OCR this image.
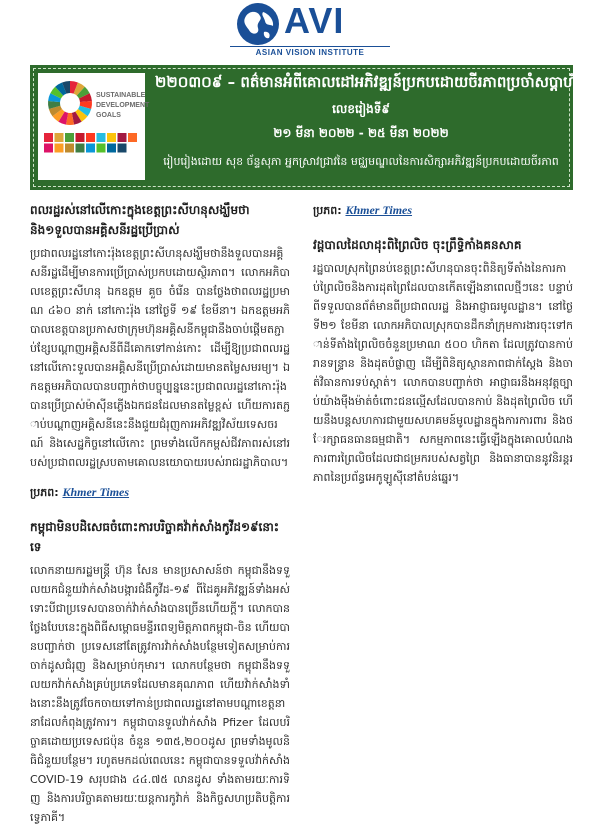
AVI
ASIAN VISION INSTITUTE
SUSTAINABLE
DEVELOPMENT
GOALS
២២០៣០៩ – ពត៌មានអំពីគោលដៅអភិវឌ្ឍន៍ប្រកបដោយចីរភាពប្រចាំសប្តាហ៍
លេខរៀងទី៩
២១ មីនា ២០២២ - ២៥ មីនា ២០២២
រៀបរៀងដោយ សុខ ច័ន្ទសុភា អ្នកស្រាវជ្រាវនៃ មជ្ឈមណ្ឌលនៃការសិក្សាអភិវឌ្ឍន៍ប្រកបដោយចីរភាព

ពលរដ្ឋរស់នៅលើកោះក្នុងខេត្តព្រះសីហនុសង្ឃឹមថា និង១ទួលបានអគ្គិសនីរដ្ឋប្រើប្រាស់

ប្រជាពលរដ្ឋនៅកោះរ៉ុងខេត្តព្រះសីហនុសង្ឃឹមថានឹងទួលបានអគ្គិសនីរដ្ឋដើម្បីមានការប្រើប្រាស់ប្រកបដោយស្ថិរភាព។ លោកអភិបាលខេត្តព្រះសីហនុ ឯកឧត្តម គួច ចំរើន បានថ្លែងថាពលរដ្ឋប្រមាណ ៤៦០ នាក់ នៅកោះរ៉ុង នៅថ្ងៃទី ១៩ ខែមីនា។ ឯកឧត្តមអភិបាលខេត្តបានប្រកាសថាក្រុមហ៊ុនអគ្គិសនីកម្ពុជានឹងចាប់ផ្តើមតភ្ជាប់ខ្សែបណ្តាញអគ្គិសនីពីដីគោកទៅកាន់កោះ ដើម្បីឱ្យប្រជាពលរដ្ឋនៅលើកោះទួលបានអគ្គិសនីប្រើប្រាស់ដោយមានតម្លៃសមរម្យ។ ឯកឧត្តមអភិបាលបានបញ្ជាក់ថាបច្ចុប្បន្ននេះប្រជាពលរដ្ឋនៅកោះរ៉ុងបានប្រើប្រាស់ម៉ាស៊ីនភ្លើងឯកជនដែលមានតម្លៃខ្ពស់ ហើយការតភ្ជាប់បណ្តាញអគ្គិសនីនេះនឹងជួយជំរុញការអភិវឌ្ឍវិស័យទេសចរណ៍ និងសេដ្ឋកិច្ចនៅលើកោះ ព្រមទាំងលើកកម្ពស់ជីវភាពរស់នៅរបស់ប្រជាពលរដ្ឋស្របតាមគោលនយោបាយរបស់រាជរដ្ឋាភិបាល។

ប្រភព: Khmer Times

កម្ពុជាមិនបដិសេធចំពោះការបរិច្ចាគវ៉ាក់សាំងកូវីដ១៩នោះទេ

លោកនាយករដ្ឋមន្ត្រី ហ៊ុន សែន មានប្រសាសន៍ថា កម្ពុជានឹងទទួលយកជំនួយវ៉ាក់សាំងបង្ការជំងឺកូវីដ-១៩ ពីដៃគូអភិវឌ្ឍន៍ទាំងអស់ ទោះបីជាប្រទេសបានចាក់វ៉ាក់សាំងបានច្រើនហើយក្តី។ លោកបានថ្លែងបែបនេះក្នុងពិធីសម្ពោធមន្ទីរពេទ្យមិត្តភាពកម្ពុជា-ចិន ហើយបានបញ្ជាក់ថា ប្រទេសនៅតែត្រូវការវ៉ាក់សាំងបន្ថែមទៀតសម្រាប់ការចាក់ដូសជំរុញ និងសម្រាប់កុមារ។ លោកបន្ថែមថា កម្ពុជានឹងទទួលយកវ៉ាក់សាំងគ្រប់ប្រភេទដែលមានគុណភាព ហើយវ៉ាក់សាំងទាំងនោះនឹងត្រូវចែកចាយទៅកាន់ប្រជាពលរដ្ឋនៅតាមបណ្តាខេត្តនានាដែលកំពុងត្រូវការ។ កម្ពុជាបានទួលវ៉ាក់សាំង Pfizer ដែលបរិច្ចាគដោយប្រទេសជប៉ុន ចំនួន ១៣៥,២០០ដូស ព្រមទាំងមូលនិធិជំនួយបន្ថែម។ រហូតមកដល់ពេលនេះ កម្ពុជាបានទទួលវ៉ាក់សាំង COVID-19 សរុបជាង ៤៤.៧៥ លានដូស ទាំងតាមរយៈការទិញ និងការបរិច្ចាគតាមរយៈយន្តការកូវ៉ាក់ និងកិច្ចសហប្រតិបត្តិការទ្វេភាគី។

ប្រភព: Khmer Times

វដ្តបាលដៃលាដុះពិព្រៃលិច ចុះព្រឹទ្ធិកាំងគនសាគ

រដ្ឋបាលស្រុកព្រៃនប់ខេត្តព្រះសីហនុបានចុះពិនិត្យទីតាំងនៃការកាប់ព្រៃលិចនិងការដុតព្រៃដែលបានកើតឡើងនាពេលថ្មីៗនេះ បន្ទាប់ពីទទួលបានព័ត៌មានពីប្រជាពលរដ្ឋ និងអាជ្ញាធរមូលដ្ឋាន។ នៅថ្ងៃទី២១ ខែមីនា លោកអភិបាលស្រុកបានដឹកនាំក្រុមការងារចុះទៅកាន់ទីតាំងព្រៃលិចចំនួនប្រមាណ ៥០០ ហិកតា ដែលត្រូវបានកាប់រានទន្ទ្រាន និងដុតបំផ្លាញ ដើម្បីពិនិត្យស្ថានភាពជាក់ស្តែង និងចាត់វិធានការទប់ស្កាត់។ លោកបានបញ្ជាក់ថា អាជ្ញាធរនឹងអនុវត្តច្បាប់យ៉ាងម៉ឺងម៉ាត់ចំពោះជនល្មើសដែលបានកាប់ និងដុតព្រៃលិច ហើយនឹងបន្តសហការជាមួយសហគមន៍មូលដ្ឋានក្នុងការការពារ និងថែរក្សាធនធានធម្មជាតិ។ សកម្មភាពនេះធ្វើឡើងក្នុងគោលបំណងការពារព្រៃលិចដែលជាជម្រករបស់សត្វព្រៃ និងធានាបាននូវនិរន្តរភាពនៃប្រព័ន្ធអេកូឡូស៊ីនៅតំបន់ឆ្នេរ។
